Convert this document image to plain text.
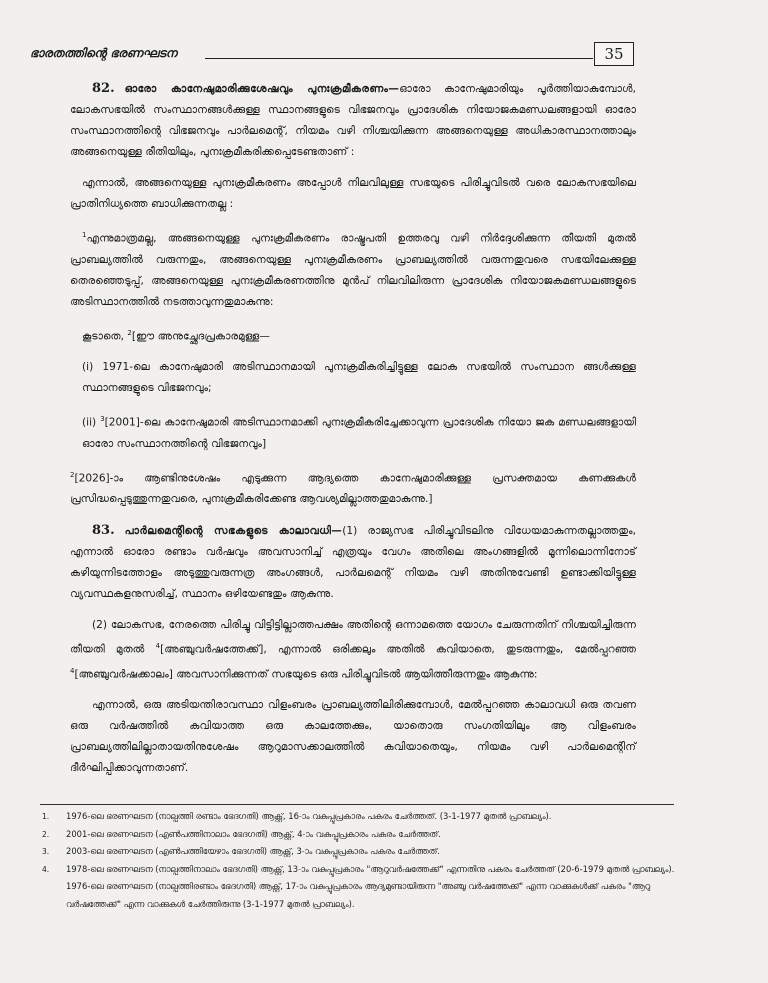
ഭാരതത്തിന്റെ ഭരണഘടന	35

82. ഓരോ കാനേഷുമാരിക്കുശേഷവും പുനഃക്രമീകരണം—ഓരോ കാനേഷുമാരിയും പൂർത്തിയാകുമ്പോൾ, ലോകസഭയിൽ സംസ്ഥാനങ്ങൾക്കുള്ള സ്ഥാനങ്ങളുടെ വിഭജനവും പ്രാദേശിക നിയോജകമണ്ഡലങ്ങളായി ഓരോ സംസ്ഥാനത്തിന്റെ വിഭജനവും പാർലമെന്റ്, നിയമം വഴി നിശ്ചയിക്കുന്ന അങ്ങനെയുള്ള അധികാരസ്ഥാനത്താലും അങ്ങനെയുള്ള രീതിയിലും, പുനഃക്രമീകരിക്കപ്പെടേണ്ടതാണ് :

എന്നാൽ, അങ്ങനെയുള്ള പുനഃക്രമീകരണം അപ്പോൾ നിലവിലുള്ള സഭയുടെ പിരിച്ചുവിടൽ വരെ ലോകസഭയിലെ പ്രാതിനിധ്യത്തെ ബാധിക്കുന്നതല്ല :

$^1$എന്നുമാത്രമല്ല, അങ്ങനെയുള്ള പുനഃക്രമീകരണം രാഷ്ട്രപതി ഉത്തരവു വഴി നിർദ്ദേശിക്കുന്ന തീയതി മുതൽ പ്രാബല്യത്തിൽ വരുന്നതും, അങ്ങനെയുള്ള പുനഃക്രമീകരണം പ്രാബല്യത്തിൽ വരുന്നതുവരെ സഭയിലേക്കുള്ള തെരഞ്ഞെടുപ്പ്, അങ്ങനെയുള്ള പുനഃക്രമീകരണത്തിനു മുൻപ് നിലവിലിരുന്ന പ്രാദേശിക നിയോജകമണ്ഡലങ്ങളുടെ അടിസ്ഥാനത്തിൽ നടത്താവുന്നതുമാകുന്നു:

കൂടാതെ, $^2$[ഈ അനുച്ഛേദപ്രകാരമുള്ള—

(i) 1971-ലെ കാനേഷുമാരി അടിസ്ഥാനമായി പുനഃക്രമീകരിച്ചിട്ടുള്ള ലോക സഭയിൽ സംസ്ഥാന ങ്ങൾക്കുള്ള സ്ഥാനങ്ങളുടെ വിഭജനവും;

(ii) $^3$[2001]-ലെ കാനേഷുമാരി അടിസ്ഥാനമാക്കി പുനഃക്രമീകരിച്ചേക്കാവുന്ന പ്രാദേശിക നിയോ ജക മണ്ഡലങ്ങളായി ഓരോ സംസ്ഥാനത്തിന്റെ വിഭജനവും]

$^2$[2026]-ാം ആണ്ടിനുശേഷം എടുക്കുന്ന ആദ്യത്തെ കാനേഷുമാരിക്കുള്ള പ്രസക്തമായ കണക്കുകൾ പ്രസിദ്ധപ്പെടുത്തുന്നതുവരെ, പുനഃക്രമീകരിക്കേണ്ട ആവശ്യമില്ലാത്തതുമാകുന്നു.]

83. പാർലമെന്റിന്റെ സഭകളുടെ കാലാവധി—(1) രാജ്യസഭ പിരിച്ചുവിടലിനു വിധേയമാകുന്നതല്ലാത്തതും, എന്നാൽ ഓരോ രണ്ടാം വർഷവും അവസാനിച്ച് എത്രയും വേഗം അതിലെ അംഗങ്ങളിൽ മൂന്നിലൊന്നിനോട് കഴിയുന്നിടത്തോളം അടുത്തുവരുന്നത്ര അംഗങ്ങൾ, പാർലമെന്റ് നിയമം വഴി അതിനുവേണ്ടി ഉണ്ടാക്കിയിട്ടുള്ള വ്യവസ്ഥകളനുസരിച്ച്, സ്ഥാനം ഒഴിയേണ്ടതും ആകുന്നു.

(2) ലോകസഭ, നേരത്തെ പിരിച്ചു വിട്ടിട്ടില്ലാത്തപക്ഷം അതിന്റെ ഒന്നാമത്തെ യോഗം ചേരുന്നതിന് നിശ്ചയിച്ചിരുന്ന തീയതി മുതൽ $^4$[അഞ്ചുവർഷത്തേക്ക്], എന്നാൽ ഒരിക്കലും അതിൽ കവിയാതെ, തുടരുന്നതും, മേൽപ്പറഞ്ഞ $^4$[അഞ്ചുവർഷക്കാലം] അവസാനിക്കുന്നത് സഭയുടെ ഒരു പിരിച്ചുവിടൽ ആയിത്തീരുന്നതും ആകുന്നു:

എന്നാൽ, ഒരു അടിയന്തിരാവസ്ഥാ വിളംബരം പ്രാബല്യത്തിലിരിക്കുമ്പോൾ, മേൽപ്പറഞ്ഞ കാലാവധി ഒരു തവണ ഒരു വർഷത്തിൽ കവിയാത്ത ഒരു കാലത്തേക്കും, യാതൊരു സംഗതിയിലും ആ വിളംബരം പ്രാബല്യത്തിലില്ലാതായതിനുശേഷം ആറുമാസക്കാലത്തിൽ കവിയാതെയും, നിയമം വഴി പാർലമെന്റിന് ദീർഘിപ്പിക്കാവുന്നതാണ്.

1.	1976-ലെ ഭരണഘടന (നാല്പത്തി രണ്ടാം ഭേദഗതി) ആക്റ്റ്, 16-ാം വകുപ്പുപ്രകാരം പകരം ചേർത്തത്. (3-1-1977 മുതൽ പ്രാബല്യം).
2.	2001-ലെ ഭരണഘടന (എൺപത്തിനാലാം ഭേദഗതി) ആക്റ്റ്, 4-ാം വകുപ്പുപ്രകാരം പകരം ചേർത്തത്.
3.	2003-ലെ ഭരണഘടന (എൺപത്തിയേഴാം ഭേദഗതി) ആക്റ്റ്, 3-ാം വകുപ്പുപ്രകാരം പകരം ചേർത്തത്.
4.	1978-ലെ ഭരണഘടന (നാല്പത്തിനാലാം ഭേദഗതി) ആക്റ്റ്, 13-ാം വകുപ്പുപ്രകാരം "ആറുവർഷത്തേക്ക്" എന്നതിനു പകരം ചേർത്തത് (20-6-1979 മുതൽ പ്രാബല്യം). 1976-ലെ ഭരണഘടന (നാല്പത്തിരണ്ടാം ഭേദഗതി) ആക്റ്റ്, 17-ാം വകുപ്പുപ്രകാരം ആദ്യമുണ്ടായിരുന്ന "അഞ്ചു വർഷത്തേക്ക്" എന്ന വാക്കുകൾക്ക് പകരം "ആറു വർഷത്തേക്ക്" എന്ന വാക്കുകൾ ചേർത്തിരുന്നു (3-1-1977 മുതൽ പ്രാബല്യം).
